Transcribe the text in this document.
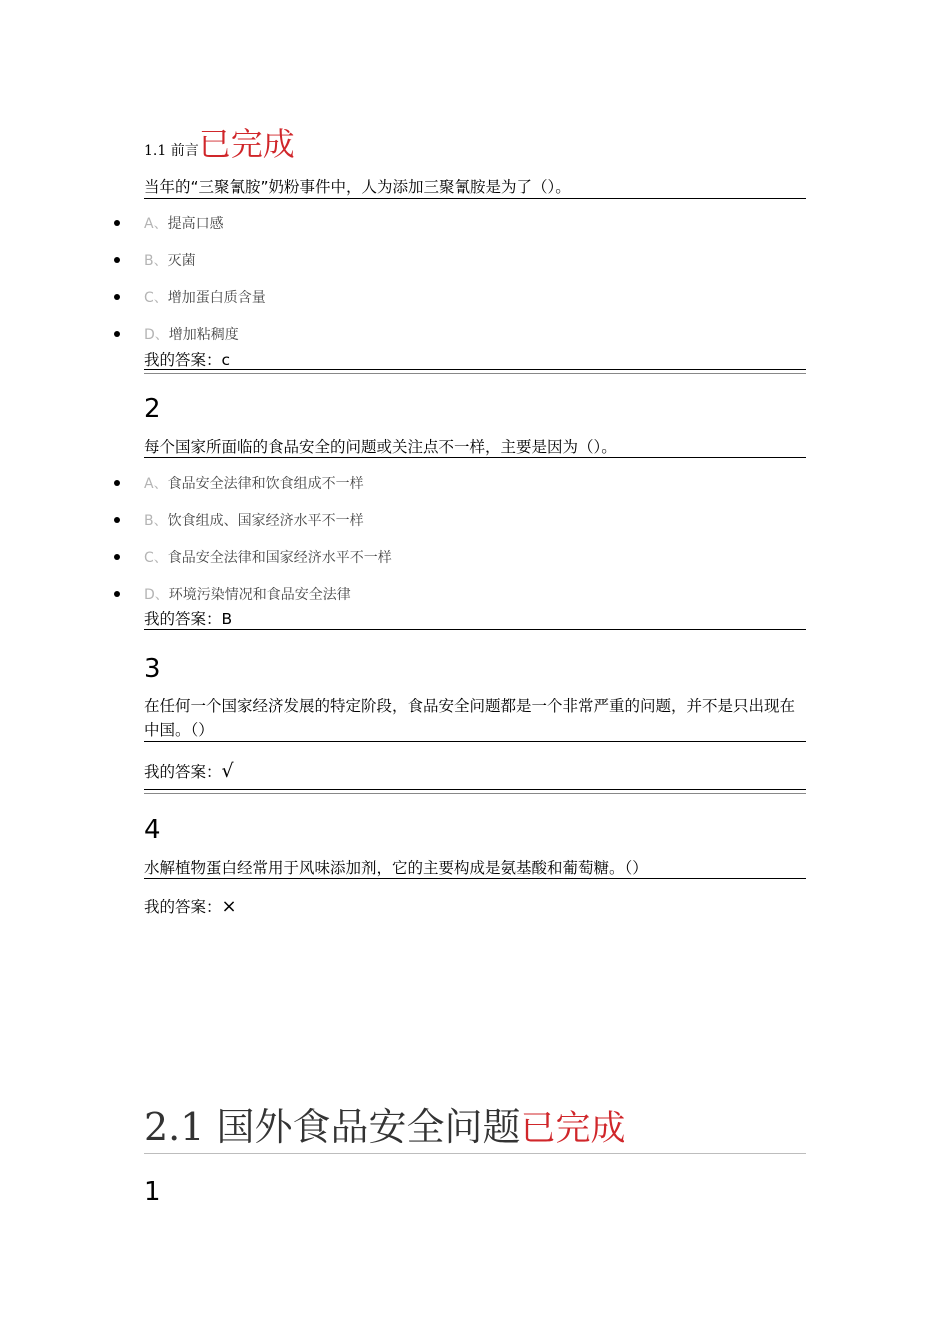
1.1 前言已完成
当年的“三聚氰胺”奶粉事件中，人为添加三聚氰胺是为了（）。
A、提高口感
B、灭菌
C、增加蛋白质含量
D、增加粘稠度
我的答案：c
2
每个国家所面临的食品安全的问题或关注点不一样，主要是因为（）。
A、食品安全法律和饮食组成不一样
B、饮食组成、国家经济水平不一样
C、食品安全法律和国家经济水平不一样
D、环境污染情况和食品安全法律
我的答案：B
3
在任何一个国家经济发展的特定阶段，食品安全问题都是一个非常严重的问题，并不是只出现在中国。（）
我的答案：√
4
水解植物蛋白经常用于风味添加剂，它的主要构成是氨基酸和葡萄糖。（）
我的答案：×
2.1 国外食品安全问题已完成
1
